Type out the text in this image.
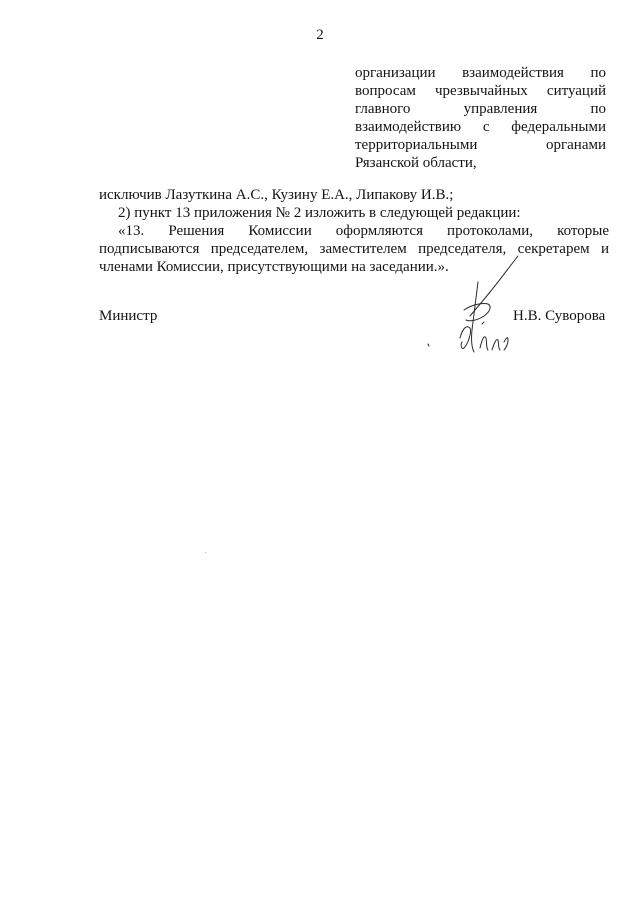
2
организации взаимодействия по
вопросам чрезвычайных ситуаций
главного управления по
взаимодействию с федеральными
территориальными органами
Рязанской области,
исключив Лазуткина А.С., Кузину Е.А., Липакову И.В.;
2) пункт 13 приложения № 2 изложить в следующей редакции:
«13. Решения Комиссии оформляются протоколами, которые
подписываются председателем, заместителем председателя, секретарем и
членами Комиссии, присутствующими на заседании.».
Министр	Н.В. Суворова
